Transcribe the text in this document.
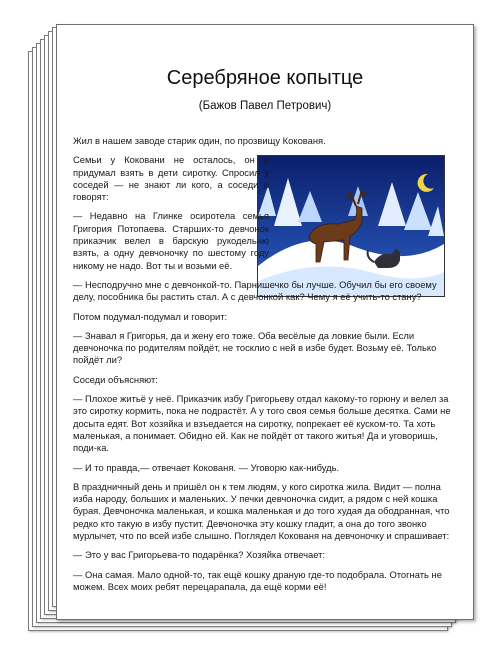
Серебряное копытце
(Бажов Павел Петрович)

Жил в нашем заводе старик один, по прозвищу Кокованя.

Семьи у Коковани не осталось, он и придумал взять в дети сиротку. Спросил у соседей — не знают ли кого, а соседи и говорят:

— Недавно на Глинке осиротела семья Григория Потопаева. Старших-то девчонок приказчик велел в барскую рукодельню взять, а одну девчоночку по шестому году никому не надо. Вот ты и возьми её.

— Несподручно мне с девчонкой-то. Парнишечко бы лучше. Обучил бы его своему делу, пособника бы растить стал. А с девчонкой как? Чему я её учить-то стану?

Потом подумал-подумал и говорит:

— Знавал я Григорья, да и жену его тоже. Оба весёлые да ловкие были. Если девчоночка по родителям пойдёт, не тосклио с ней в избе будет. Возьму её. Только пойдёт ли?

Соседи объясняют:

— Плохое житьё у неё. Приказчик избу Григорьеву отдал какому-то горюну и велел за это сиротку кормить, пока не подрастёт. А у того своя семья больше десятка. Сами не досыта едят. Вот хозяйка и взъедается на сиротку, попрекает её куском-то. Та хоть маленькая, а понимает. Обидно ей. Как не пойдёт от такого житья! Да и уговоришь, поди-ка.

— И то правда,— отвечает Кокованя. — Уговорю как-нибудь.

В праздничный день и пришёл он к тем людям, у кого сиротка жила. Видит — полна изба народу, больших и маленьких. У печки девчоночка сидит, а рядом с ней кошка бурая. Девчоночка маленькая, и кошка маленькая и до того худая да ободранная, что редко кто такую в избу пустит. Девчоночка эту кошку гладит, а она до того звонко мурлычет, что по всей избе слышно. Поглядел Кокованя на девчоночку и спрашивает:

— Это у вас Григорьева-то подарёнка? Хозяйка отвечает:

— Она самая. Мало одной-то, так ещё кошку драную где-то подобрала. Отогнать не можем. Всех моих ребят перецарапала, да ещё корми её!
